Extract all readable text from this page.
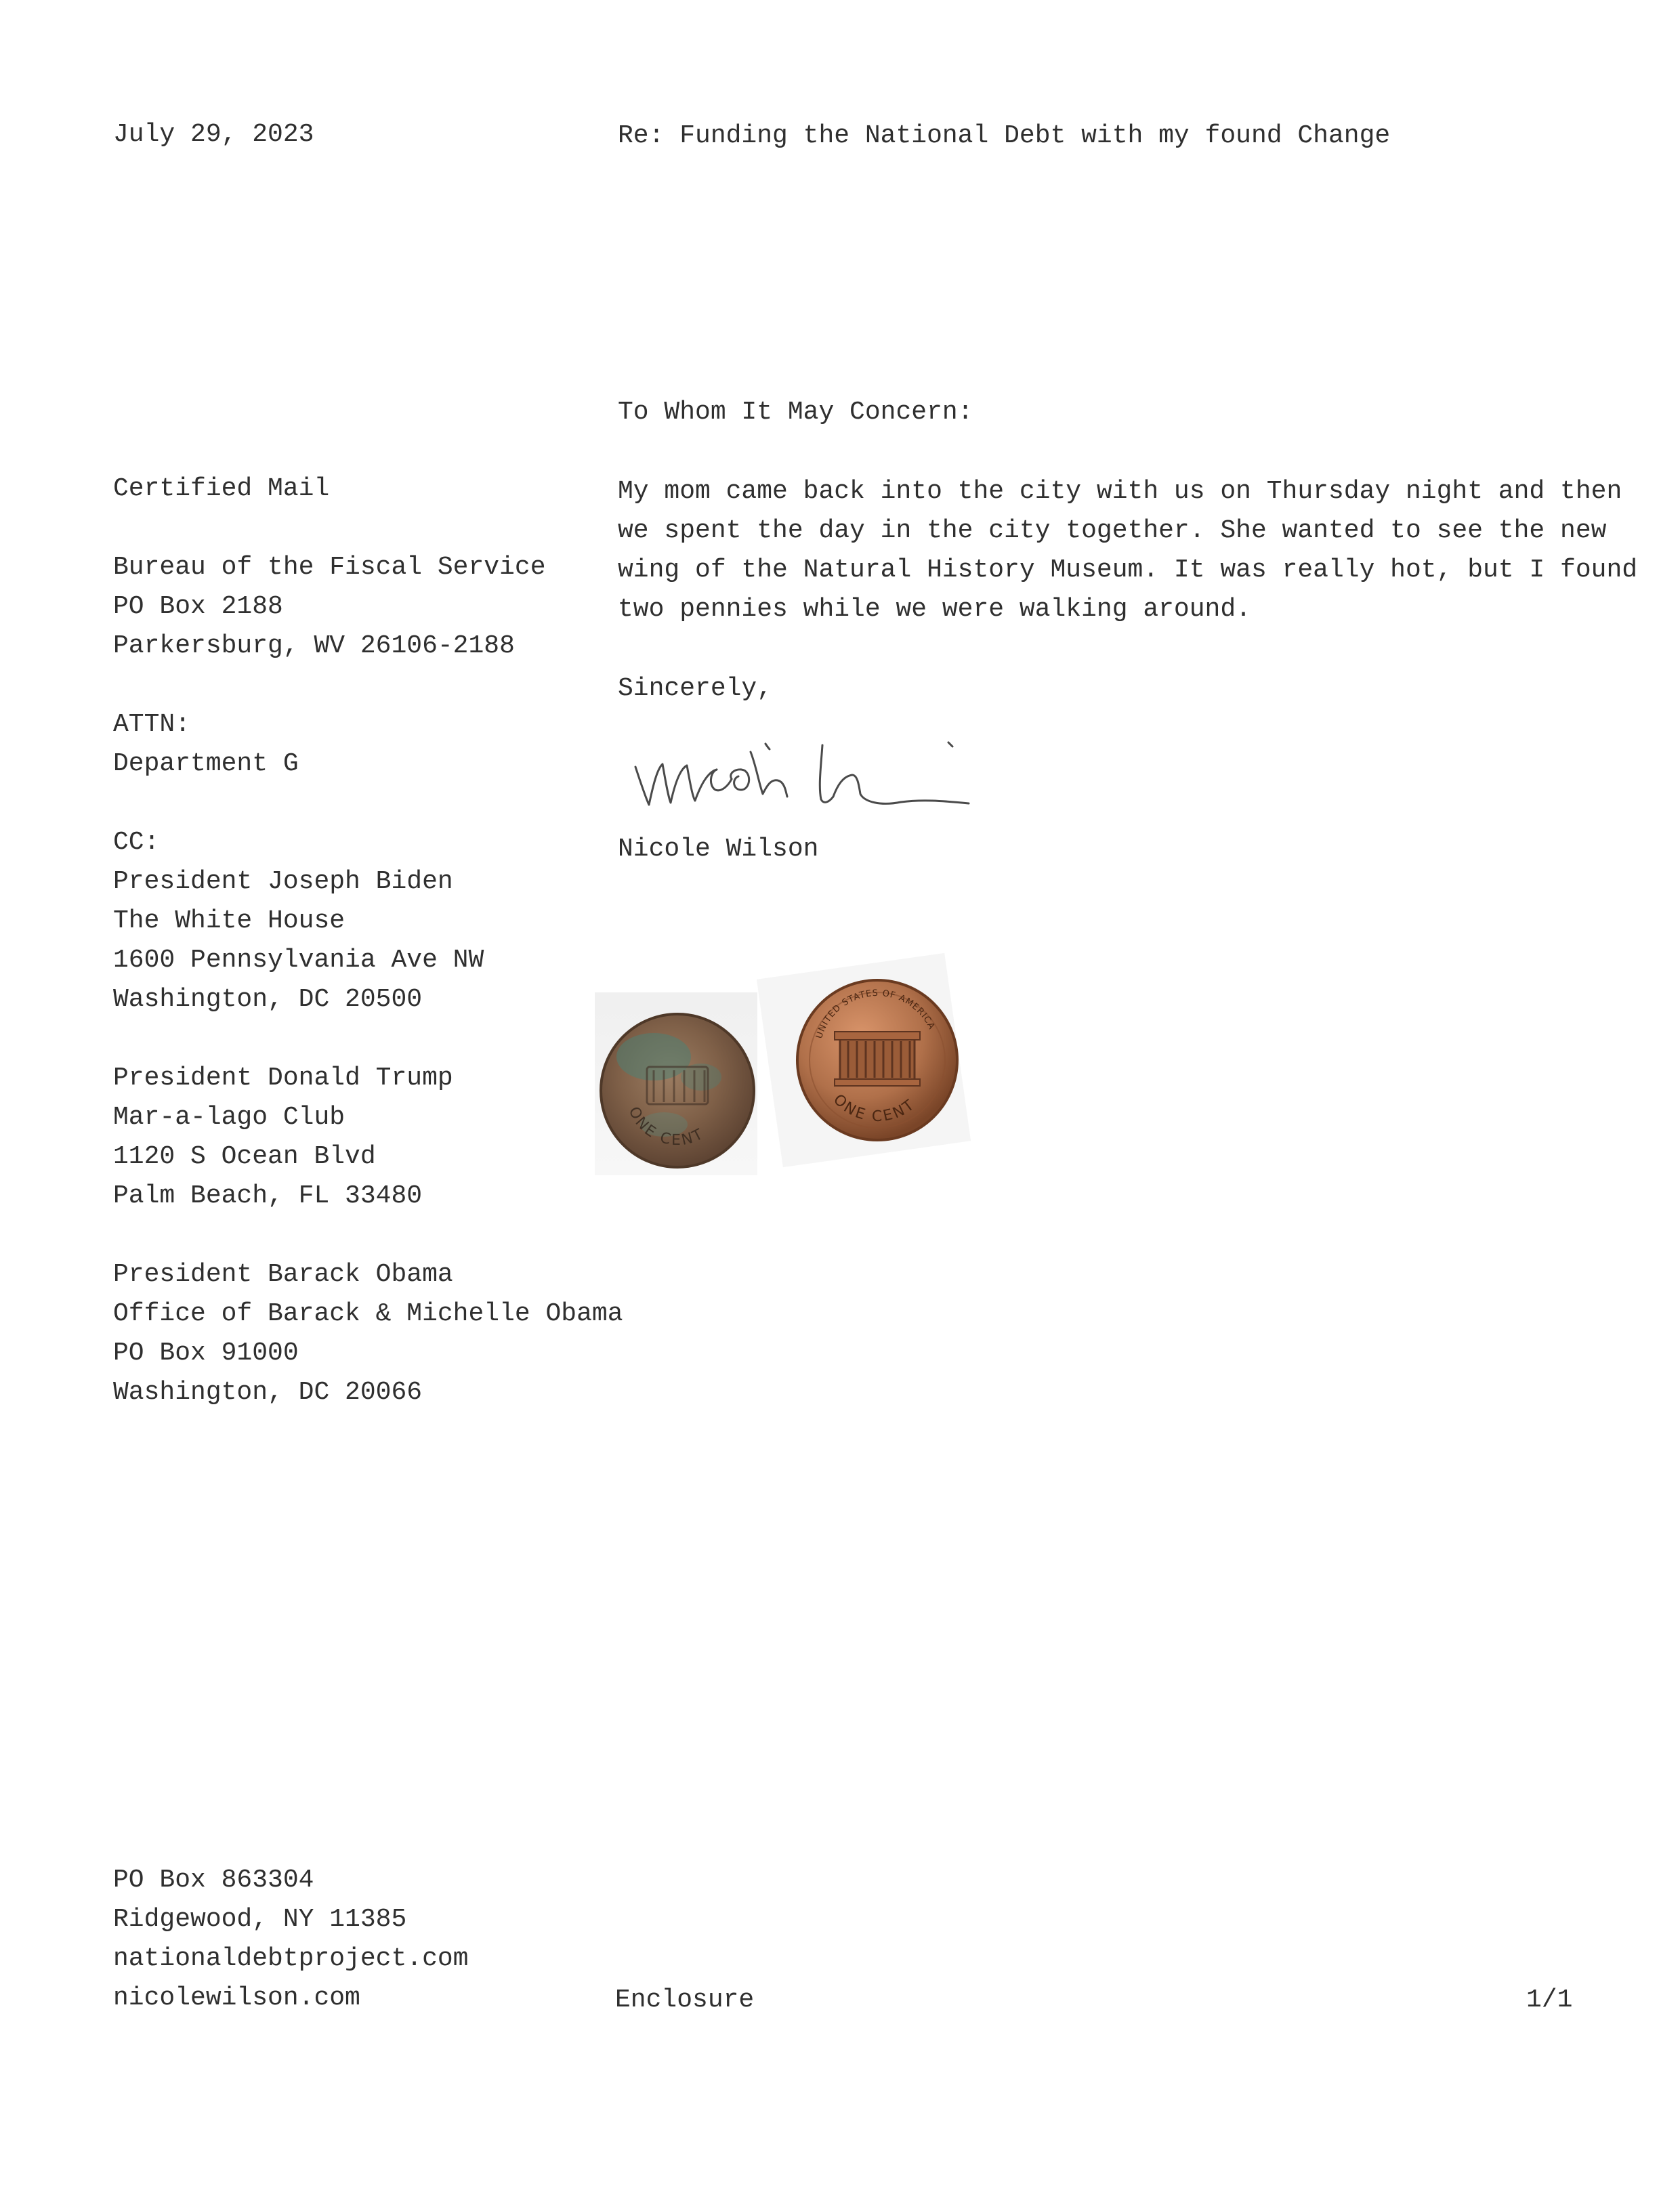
July 29, 2023	Re: Funding the National Debt with my found Change
To Whom It May Concern:
Certified Mail
Bureau of the Fiscal Service
PO Box 2188
Parkersburg, WV 26106-2188
ATTN:
Department G
CC:
President Joseph Biden
The White House
1600 Pennsylvania Ave NW
Washington, DC 20500
President Donald Trump
Mar-a-lago Club
1120 S Ocean Blvd
Palm Beach, FL 33480
President Barack Obama
Office of Barack & Michelle Obama
PO Box 91000
Washington, DC 20066
My mom came back into the city with us on Thursday night and then
we spent the day in the city together. She wanted to see the new
wing of the Natural History Museum. It was really hot, but I found
two pennies while we were walking around.
Sincerely,
Nicole Wilson

ONE CENT
UNITED STATES OF AMERICA
ONE CENT

PO Box 863304
Ridgewood, NY 11385
nationaldebtproject.com
nicolewilson.com	Enclosure	1/1
